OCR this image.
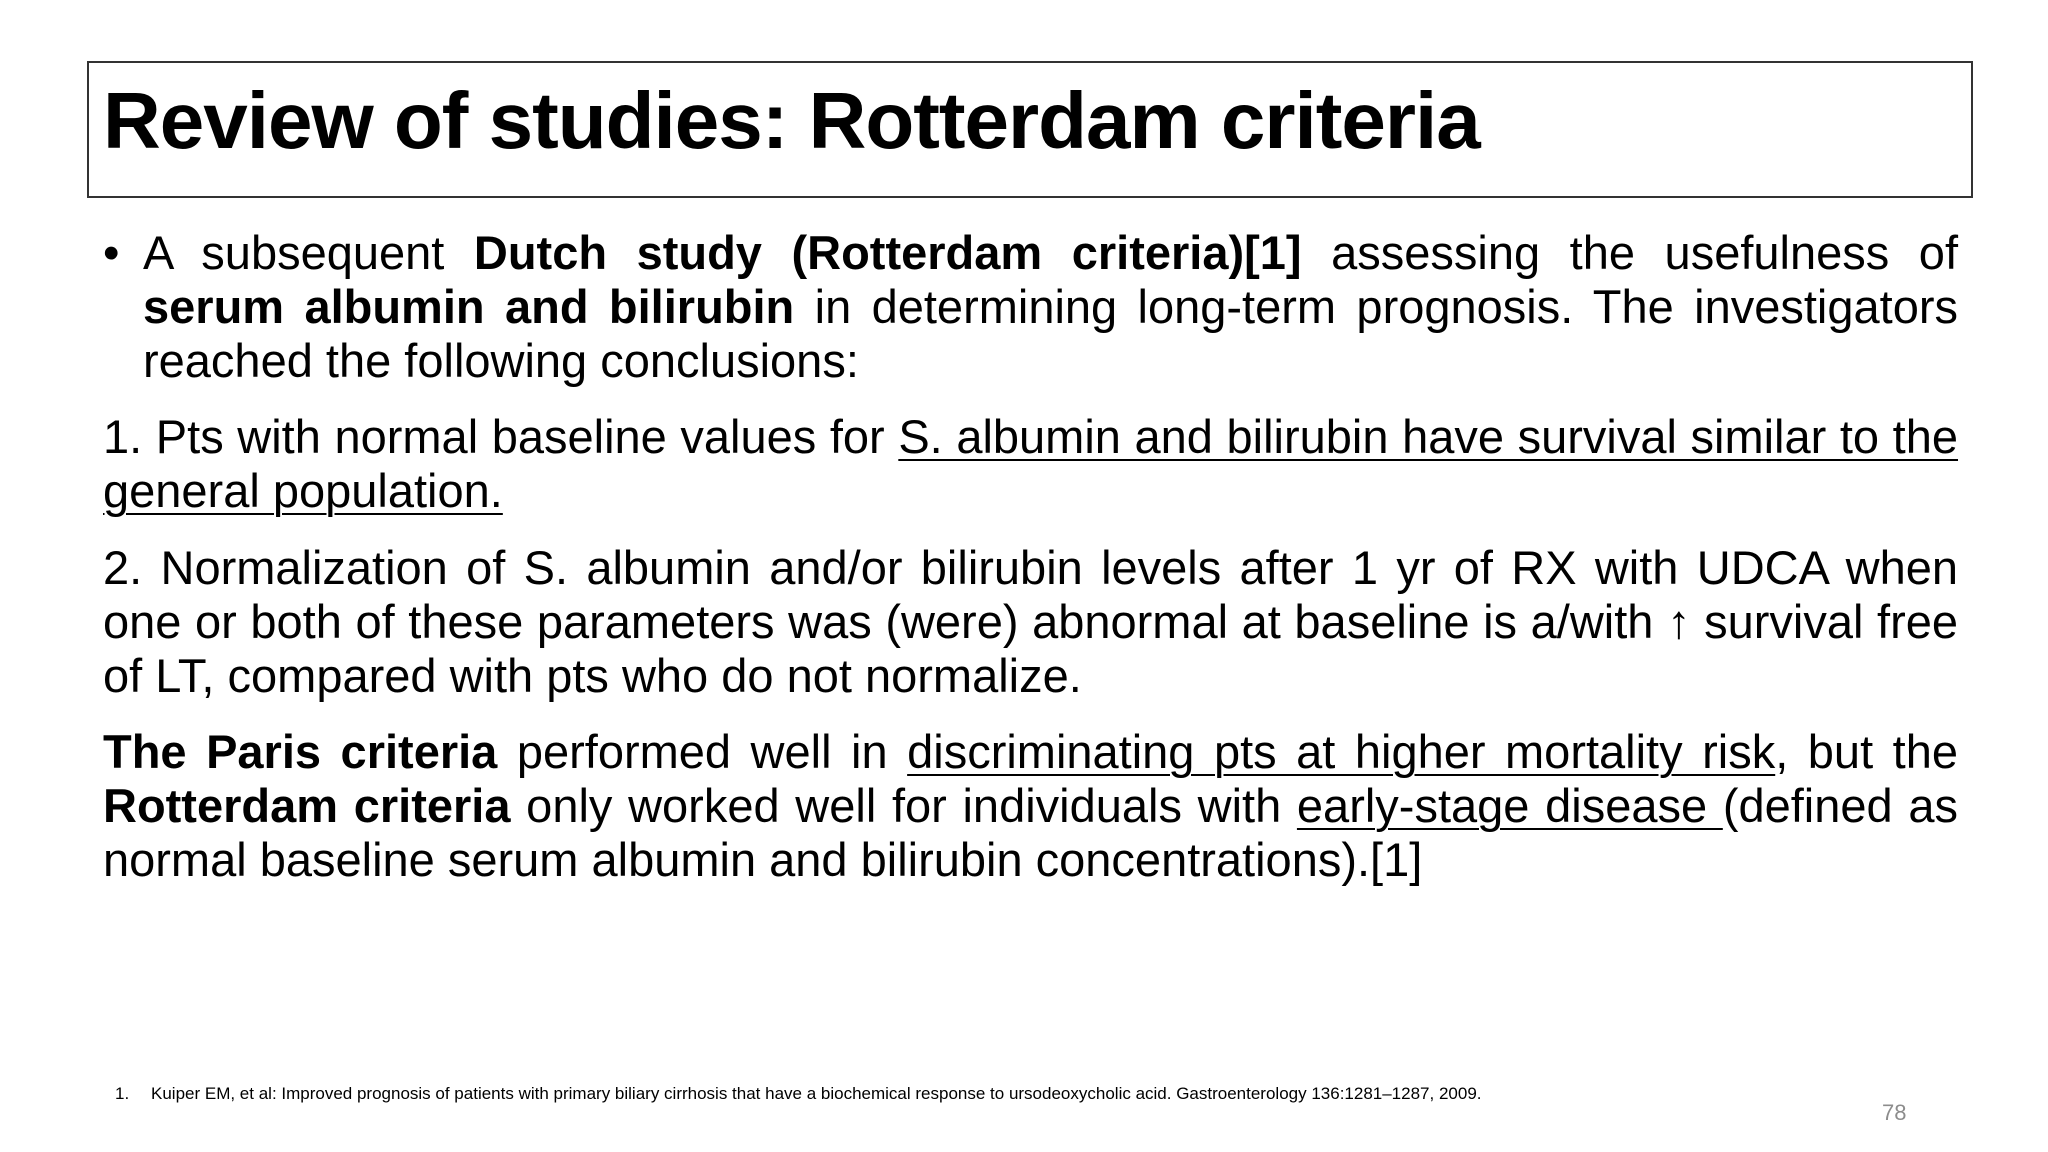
Review of studies: Rotterdam criteria
• A subsequent Dutch study (Rotterdam criteria)[1] assessing the usefulness of serum albumin and bilirubin in determining long-term prognosis. The investigators reached the following conclusions:
1. Pts with normal baseline values for S. albumin and bilirubin have survival similar to the general population.
2. Normalization of S. albumin and/or bilirubin levels after 1 yr of RX with UDCA when one or both of these parameters was (were) abnormal at baseline is a/with ↑ survival free of LT, compared with pts who do not normalize.
The Paris criteria performed well in discriminating pts at higher mortality risk, but the Rotterdam criteria only worked well for individuals with early-stage disease (defined as normal baseline serum albumin and bilirubin concentrations).[1]
1. Kuiper EM, et al: Improved prognosis of patients with primary biliary cirrhosis that have a biochemical response to ursodeoxycholic acid. Gastroenterology 136:1281–1287, 2009.
78
